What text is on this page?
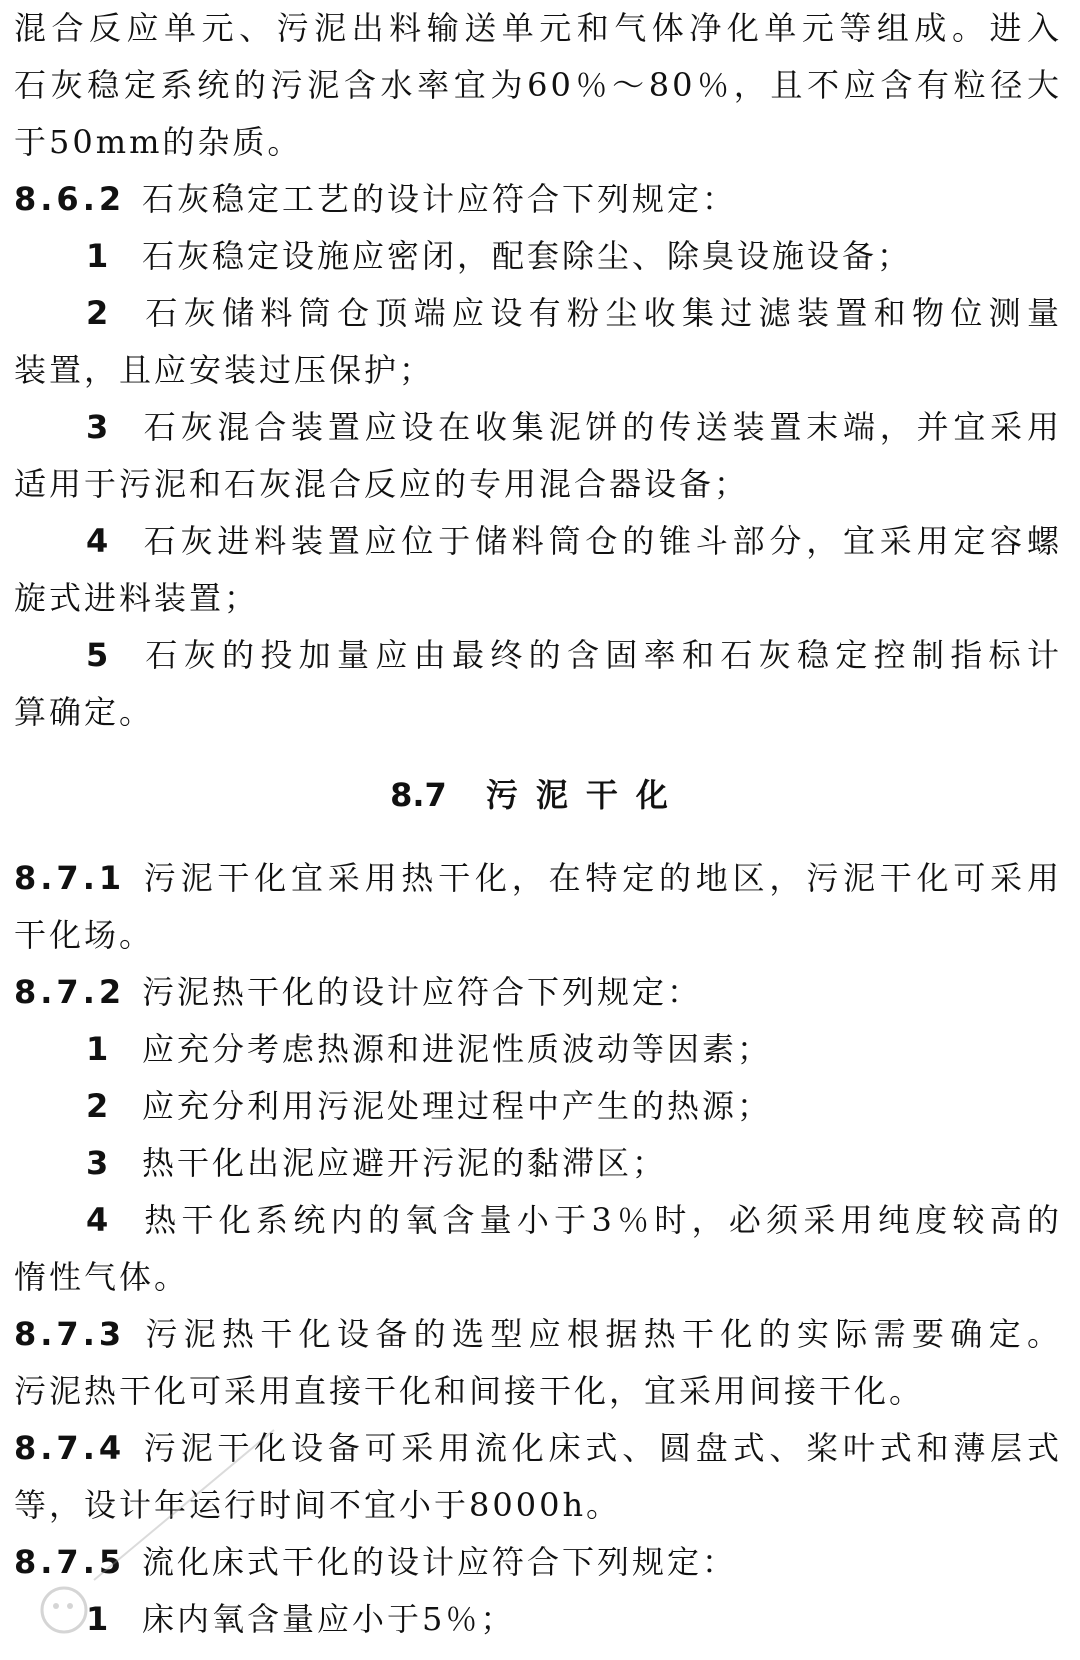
混合反应单元、污泥出料输送单元和气体净化单元等组成。进入
石灰稳定系统的污泥含水率宜为60％～80％，且不应含有粒径大
于50mm的杂质。
8.6.2 石灰稳定工艺的设计应符合下列规定：
1 石灰稳定设施应密闭，配套除尘、除臭设施设备；
2 石灰储料筒仓顶端应设有粉尘收集过滤装置和物位测量
装置，且应安装过压保护；
3 石灰混合装置应设在收集泥饼的传送装置末端，并宜采用
适用于污泥和石灰混合反应的专用混合器设备；
4 石灰进料装置应位于储料筒仓的锥斗部分，宜采用定容螺
旋式进料装置；
5 石灰的投加量应由最终的含固率和石灰稳定控制指标计
算确定。
8.7 污泥干化
8.7.1 污泥干化宜采用热干化，在特定的地区，污泥干化可采用
干化场。
8.7.2 污泥热干化的设计应符合下列规定：
1 应充分考虑热源和进泥性质波动等因素；
2 应充分利用污泥处理过程中产生的热源；
3 热干化出泥应避开污泥的黏滞区；
4 热干化系统内的氧含量小于3％时，必须采用纯度较高的
惰性气体。
8.7.3 污泥热干化设备的选型应根据热干化的实际需要确定。
污泥热干化可采用直接干化和间接干化，宜采用间接干化。
8.7.4 污泥干化设备可采用流化床式、圆盘式、桨叶式和薄层式
等，设计年运行时间不宜小于8000h。
8.7.5 流化床式干化的设计应符合下列规定：
1 床内氧含量应小于5％；
